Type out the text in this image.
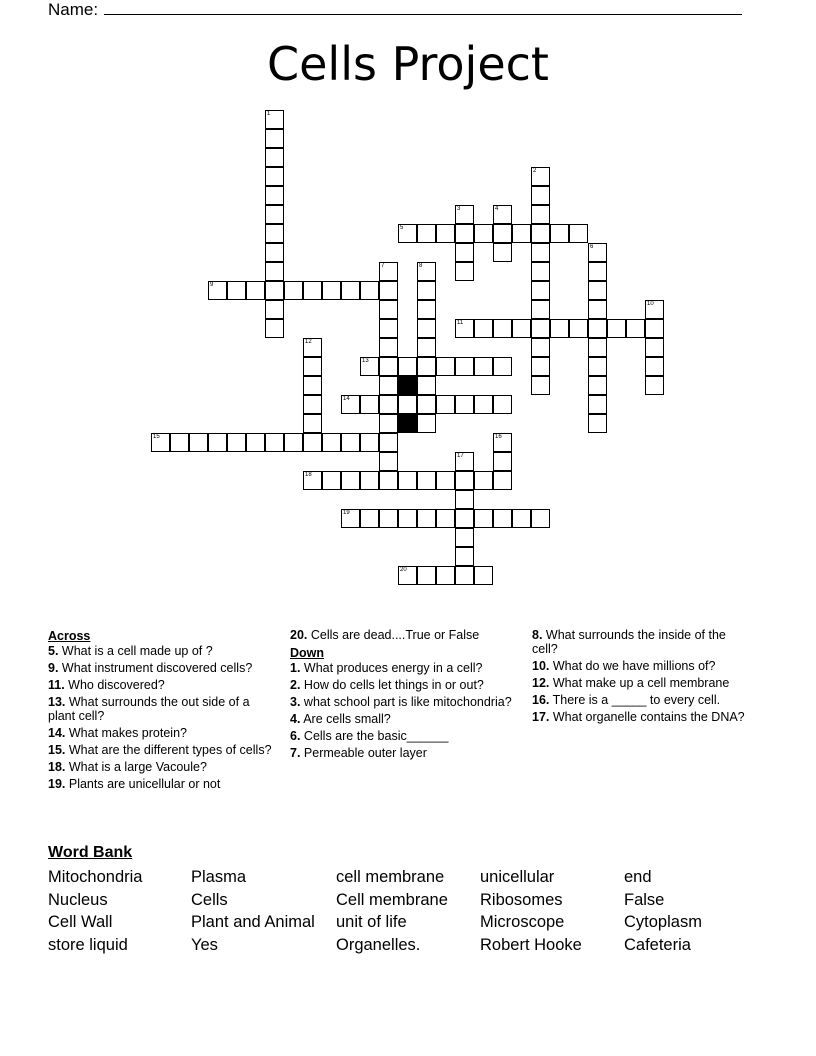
Name:
Cells Project
1
2
3	4
5
6
7	8
9
10
11
12
13
14
15	16
17
18
19
20
Across
5. What is a cell made up of ?
9. What instrument discovered cells?
11. Who discovered?
13. What surrounds the out side of a plant cell?
14. What makes protein?
15. What are the different types of cells?
18. What is a large Vacoule?
19. Plants are unicellular or not
20. Cells are dead....True or False
Down
1. What produces energy in a cell?
2. How do cells let things in or out?
3. what school part is like mitochondria?
4. Are cells small?
6. Cells are the basic______
7. Permeable outer layer
8. What surrounds the inside of the cell?
10. What do we have millions of?
12. What make up a cell membrane
16. There is a _____ to every cell.
17. What organelle contains the DNA?
Word Bank
Mitochondria
Nucleus
Cell Wall
store liquid
Plasma
Cells
Plant and Animal
Yes
cell membrane
Cell membrane
unit of life
Organelles.
unicellular
Ribosomes
Microscope
Robert Hooke
end
False
Cytoplasm
Cafeteria
